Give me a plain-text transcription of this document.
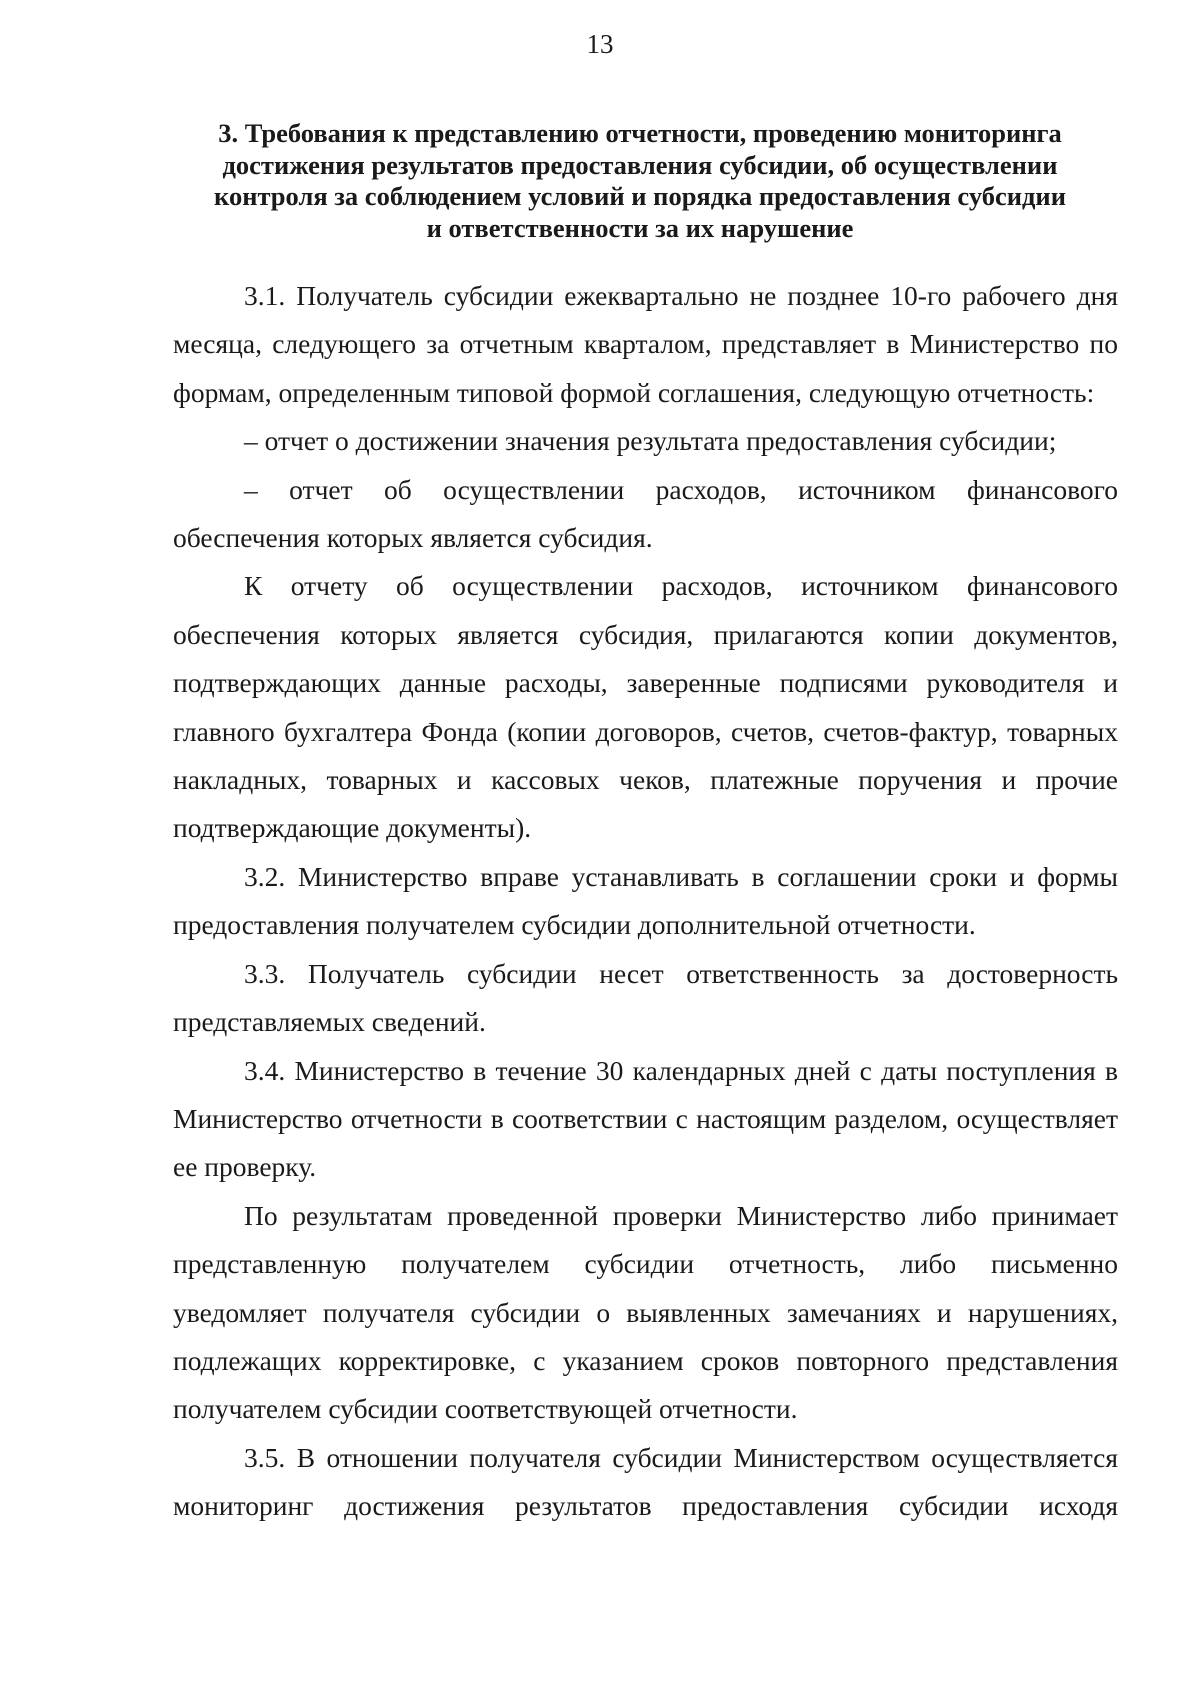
13
3. Требования к представлению отчетности, проведению мониторинга
достижения результатов предоставления субсидии, об осуществлении
контроля за соблюдением условий и порядка предоставления субсидии
и ответственности за их нарушение

3.1. Получатель субсидии ежеквартально не позднее 10-го рабочего дня месяца, следующего за отчетным кварталом, представляет в Министерство по формам, определенным типовой формой соглашения, следующую отчетность:

– отчет о достижении значения результата предоставления субсидии;

– отчет об осуществлении расходов, источником финансового обеспечения которых является субсидия.

К отчету об осуществлении расходов, источником финансового обеспечения которых является субсидия, прилагаются копии документов, подтверждающих данные расходы, заверенные подписями руководителя и главного бухгалтера Фонда (копии договоров, счетов, счетов-фактур, товарных накладных, товарных и кассовых чеков, платежные поручения и прочие подтверждающие документы).

3.2. Министерство вправе устанавливать в соглашении сроки и формы предоставления получателем субсидии дополнительной отчетности.

3.3. Получатель субсидии несет ответственность за достоверность представляемых сведений.

3.4. Министерство в течение 30 календарных дней с даты поступления в Министерство отчетности в соответствии с настоящим разделом, осуществляет ее проверку.

По результатам проведенной проверки Министерство либо принимает представленную получателем субсидии отчетность, либо письменно уведомляет получателя субсидии о выявленных замечаниях и нарушениях, подлежащих корректировке, с указанием сроков повторного представления получателем субсидии соответствующей отчетности.

3.5. В отношении получателя субсидии Министерством осуществляется мониторинг достижения результатов предоставления субсидии исходя
